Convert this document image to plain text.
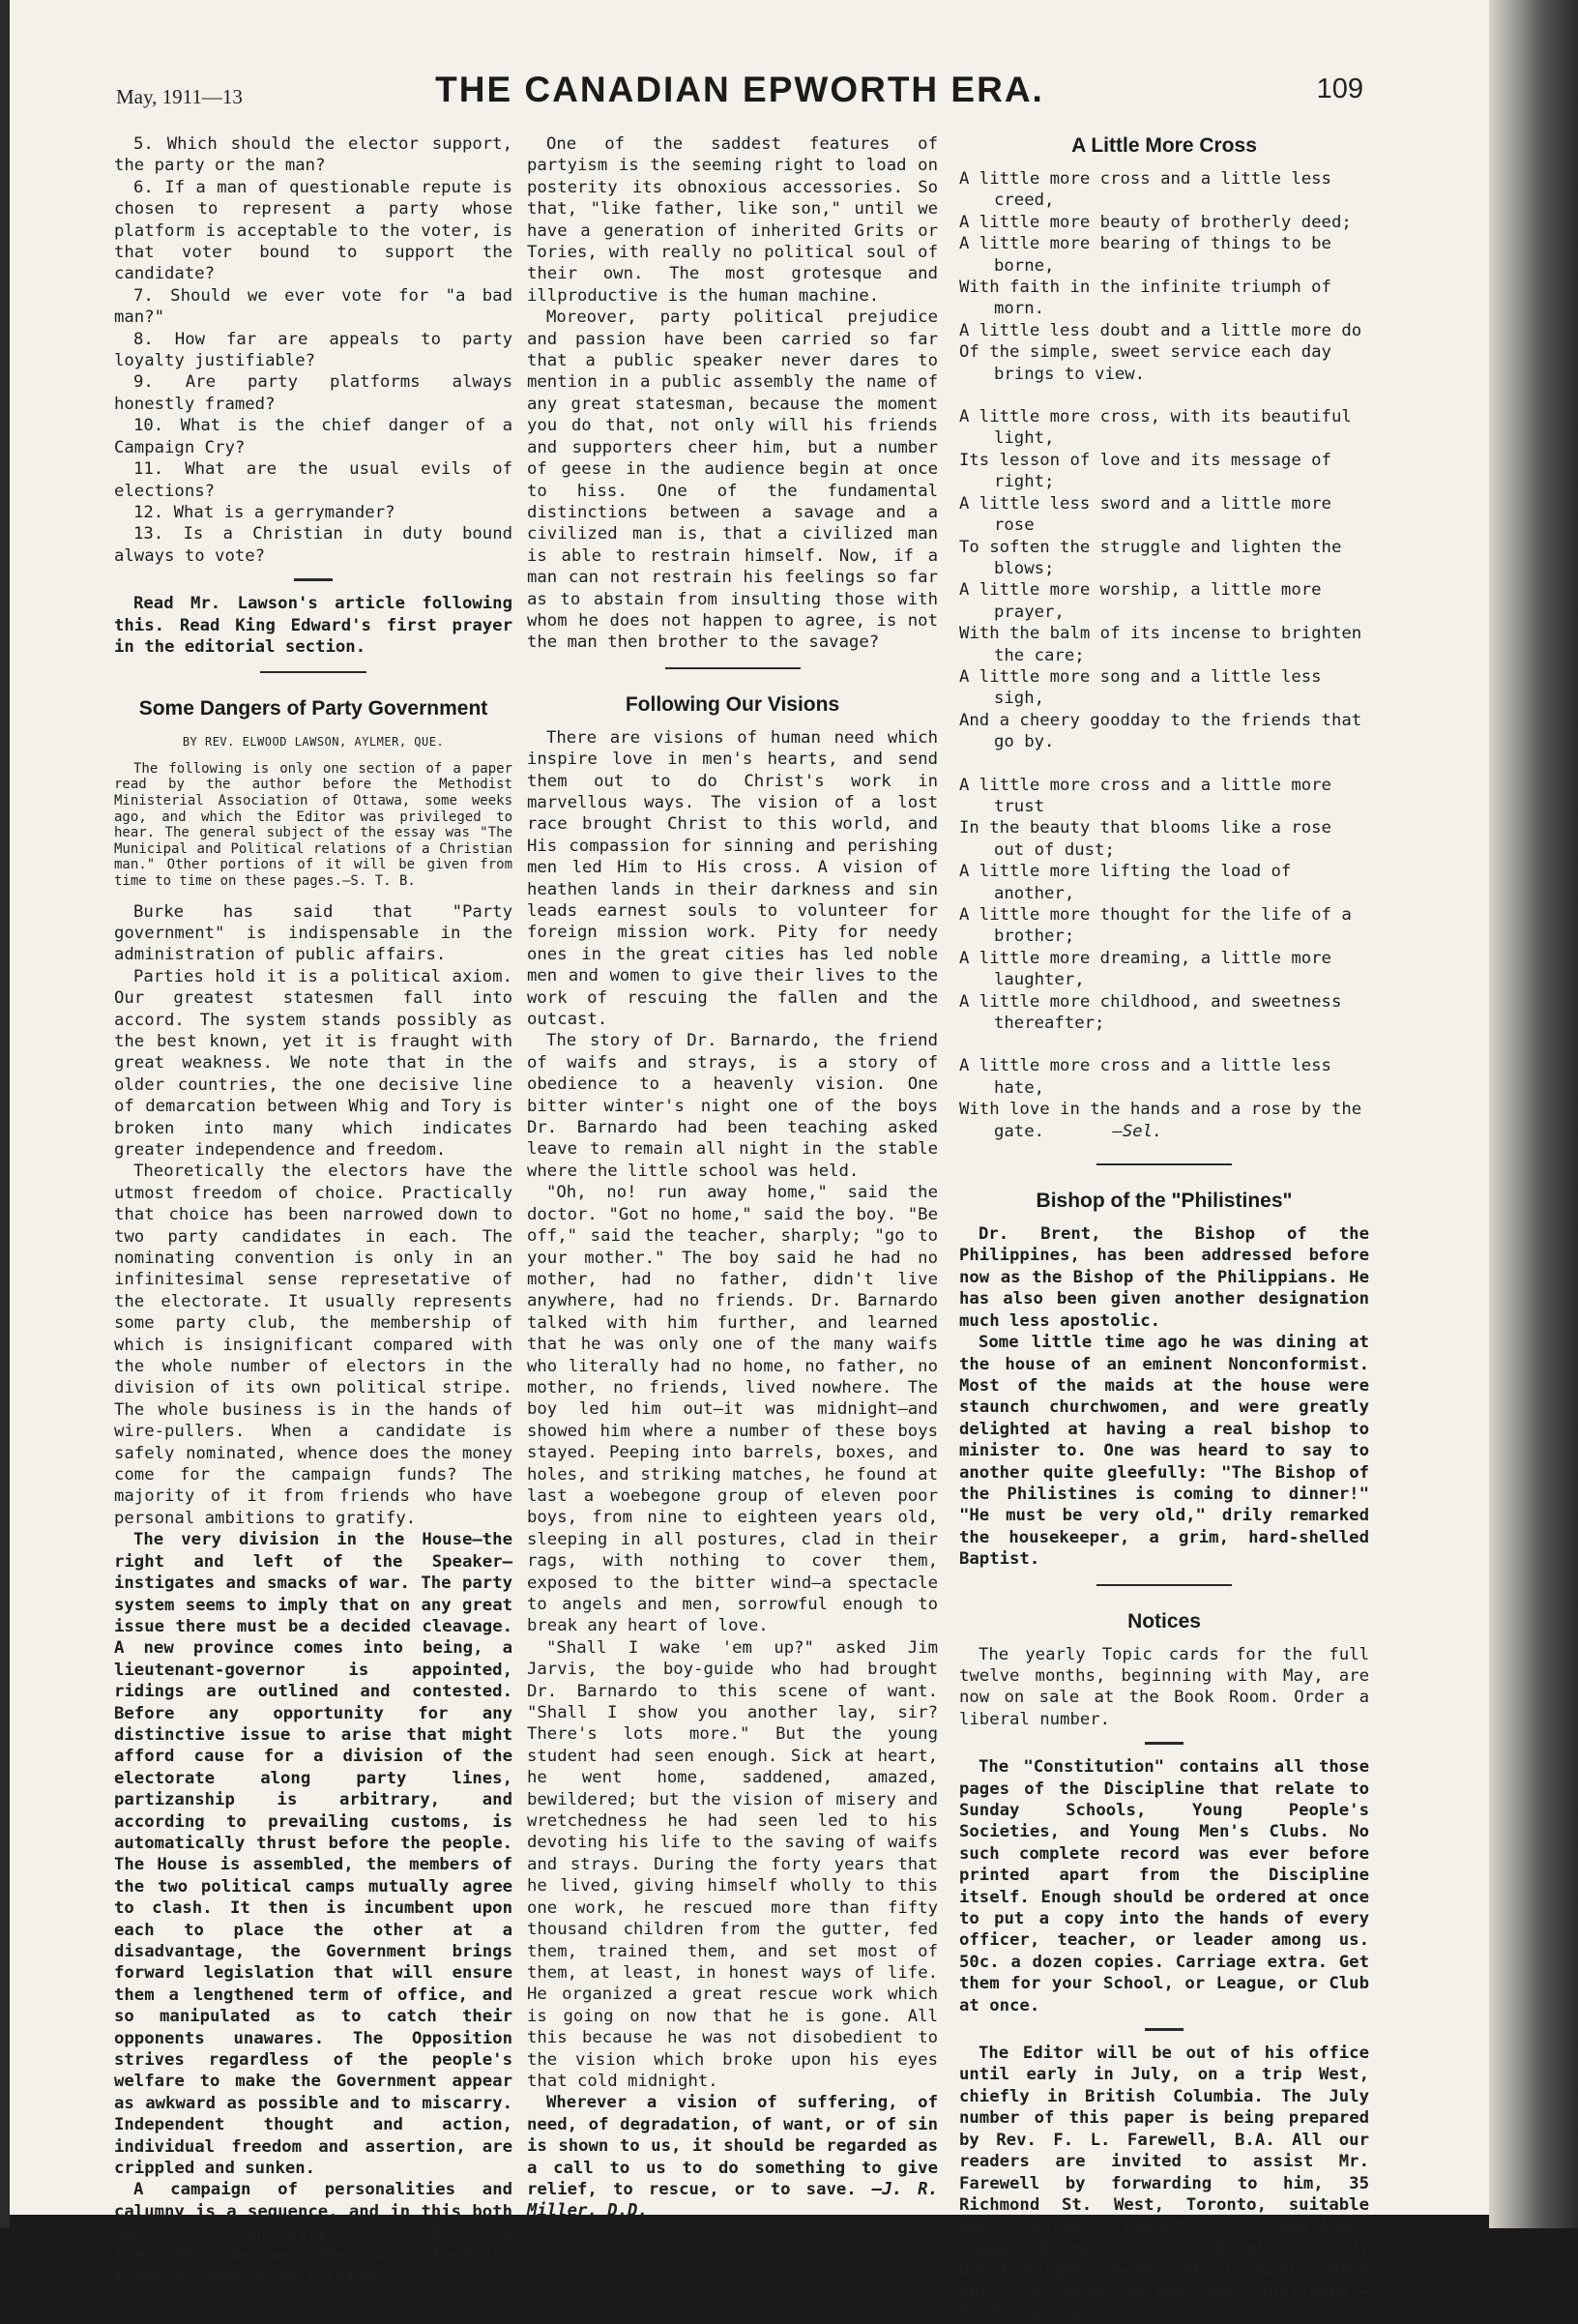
May, 1911—13	THE CANADIAN EPWORTH ERA.	109

5. Which should the elector support, the party or the man?

6. If a man of questionable repute is chosen to represent a party whose platform is acceptable to the voter, is that voter bound to support the candidate?

7. Should we ever vote for "a bad man?"

8. How far are appeals to party loyalty justifiable?

9. Are party platforms always honestly framed?

10. What is the chief danger of a Campaign Cry?

11. What are the usual evils of elections?

12. What is a gerrymander?

13. Is a Christian in duty bound always to vote?

Read Mr. Lawson's article following this. Read King Edward's first prayer in the editorial section.

Some Dangers of Party Government
BY REV. ELWOOD LAWSON, AYLMER, QUE.

The following is only one section of a paper read by the author before the Methodist Ministerial Association of Ottawa, some weeks ago, and which the Editor was privileged to hear. The general subject of the essay was "The Municipal and Political relations of a Christian man." Other portions of it will be given from time to time on these pages.—S. T. B.

Burke has said that "Party government" is indispensable in the administration of public affairs.

Parties hold it is a political axiom. Our greatest statesmen fall into accord. The system stands possibly as the best known, yet it is fraught with great weakness. We note that in the older countries, the one decisive line of demarcation between Whig and Tory is broken into many which indicates greater independence and freedom.

Theoretically the electors have the utmost freedom of choice. Practically that choice has been narrowed down to two party candidates in each. The nominating convention is only in an infinitesimal sense represetative of the electorate. It usually represents some party club, the membership of which is insignificant compared with the whole number of electors in the division of its own political stripe. The whole business is in the hands of wire-pullers. When a candidate is safely nominated, whence does the money come for the campaign funds? The majority of it from friends who have personal ambitions to gratify.

The very division in the House—the right and left of the Speaker—instigates and smacks of war. The party system seems to imply that on any great issue there must be a decided cleavage. A new province comes into being, a lieutenant-governor is appointed, ridings are outlined and contested. Before any opportunity for any distinctive issue to arise that might afford cause for a division of the electorate along party lines, partizanship is arbitrary, and according to prevailing customs, is automatically thrust before the people. The House is assembled, the members of the two political camps mutually agree to clash. It then is incumbent upon each to place the other at a disadvantage, the Government brings forward legislation that will ensure them a lengthened term of office, and so manipulated as to catch their opponents unawares. The Opposition strives regardless of the people's welfare to make the Government appear as awkward as possible and to miscarry. Independent thought and action, individual freedom and assertion, are crippled and sunken.

A campaign of personalities and calumny is a sequence, and in this both parties strenuously vie. It too frequently becomes the sole stock-in-trade of many a politician.

One of the saddest features of partyism is the seeming right to load on posterity its obnoxious accessories. So that, "like father, like son," until we have a generation of inherited Grits or Tories, with really no political soul of their own. The most grotesque and illproductive is the human machine.

Moreover, party political prejudice and passion have been carried so far that a public speaker never dares to mention in a public assembly the name of any great statesman, because the moment you do that, not only will his friends and supporters cheer him, but a number of geese in the audience begin at once to hiss. One of the fundamental distinctions between a savage and a civilized man is, that a civilized man is able to restrain himself. Now, if a man can not restrain his feelings so far as to abstain from insulting those with whom he does not happen to agree, is not the man then brother to the savage?

Following Our Visions

There are visions of human need which inspire love in men's hearts, and send them out to do Christ's work in marvellous ways. The vision of a lost race brought Christ to this world, and His compassion for sinning and perishing men led Him to His cross. A vision of heathen lands in their darkness and sin leads earnest souls to volunteer for foreign mission work. Pity for needy ones in the great cities has led noble men and women to give their lives to the work of rescuing the fallen and the outcast.

The story of Dr. Barnardo, the friend of waifs and strays, is a story of obedience to a heavenly vision. One bitter winter's night one of the boys Dr. Barnardo had been teaching asked leave to remain all night in the stable where the little school was held.

"Oh, no! run away home," said the doctor. "Got no home," said the boy. "Be off," said the teacher, sharply; "go to your mother." The boy said he had no mother, had no father, didn't live anywhere, had no friends. Dr. Barnardo talked with him further, and learned that he was only one of the many waifs who literally had no home, no father, no mother, no friends, lived nowhere. The boy led him out—it was midnight—and showed him where a number of these boys stayed. Peeping into barrels, boxes, and holes, and striking matches, he found at last a woebegone group of eleven poor boys, from nine to eighteen years old, sleeping in all postures, clad in their rags, with nothing to cover them, exposed to the bitter wind—a spectacle to angels and men, sorrowful enough to break any heart of love.

"Shall I wake 'em up?" asked Jim Jarvis, the boy-guide who had brought Dr. Barnardo to this scene of want. "Shall I show you another lay, sir? There's lots more." But the young student had seen enough. Sick at heart, he went home, saddened, amazed, bewildered; but the vision of misery and wretchedness he had seen led to his devoting his life to the saving of waifs and strays. During the forty years that he lived, giving himself wholly to this one work, he rescued more than fifty thousand children from the gutter, fed them, trained them, and set most of them, at least, in honest ways of life. He organized a great rescue work which is going on now that he is gone. All this because he was not disobedient to the vision which broke upon his eyes that cold midnight.

Wherever a vision of suffering, of need, of degradation, of want, or of sin is shown to us, it should be regarded as a call to us to do something to give relief, to rescue, or to save. —J. R. Miller, D.D.

A Little More Cross
A little more cross and a little less creed,
A little more beauty of brotherly deed;
A little more bearing of things to be borne,
With faith in the infinite triumph of morn.
A little less doubt and a little more do
Of the simple, sweet service each day brings to view.
A little more cross, with its beautiful light,
Its lesson of love and its message of right;
A little less sword and a little more rose
To soften the struggle and lighten the blows;
A little more worship, a little more prayer,
With the balm of its incense to brighten the care;
A little more song and a little less sigh,
And a cheery goodday to the friends that go by.
A little more cross and a little more trust
In the beauty that blooms like a rose out of dust;
A little more lifting the load of another,
A little more thought for the life of a brother;
A little more dreaming, a little more laughter,
A little more childhood, and sweetness thereafter;
A little more cross and a little less hate,
With love in the hands and a rose by the gate.	—Sel.
Bishop of the "Philistines"

Dr. Brent, the Bishop of the Philippines, has been addressed before now as the Bishop of the Philippians. He has also been given another designation much less apostolic.

Some little time ago he was dining at the house of an eminent Nonconformist. Most of the maids at the house were staunch churchwomen, and were greatly delighted at having a real bishop to minister to. One was heard to say to another quite gleefully: "The Bishop of the Philistines is coming to dinner!" "He must be very old," drily remarked the housekeeper, a grim, hard-shelled Baptist.

Notices

The yearly Topic cards for the full twelve months, beginning with May, are now on sale at the Book Room. Order a liberal number.

The "Constitution" contains all those pages of the Discipline that relate to Sunday Schools, Young People's Societies, and Young Men's Clubs. No such complete record was ever before printed apart from the Discipline itself. Enough should be ordered at once to put a copy into the hands of every officer, teacher, or leader among us. 50c. a dozen copies. Carriage extra. Get them for your School, or League, or Club at once.

The Editor will be out of his office until early in July, on a trip West, chiefly in British Columbia. The July number of this paper is being prepared by Rev. F. L. Farewell, B.A. All our readers are invited to assist Mr. Farewell by forwarding to him, 35 Richmond St. West, Toronto, suitable news notes, reports of meetings, suggested methods, tried plans, and, don't forget it—new subscriptions. Make the July issue the best ever published.—S. T. Bartlett.
